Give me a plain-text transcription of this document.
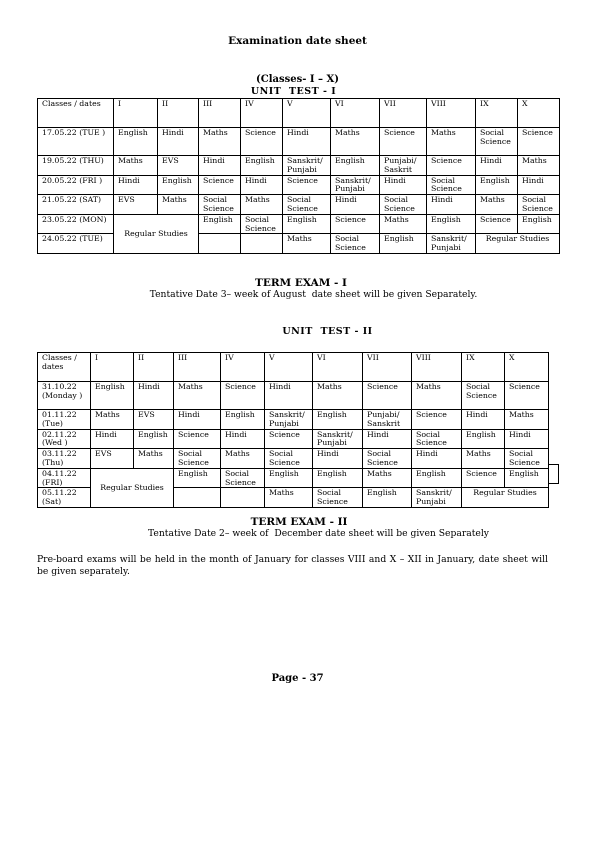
Examination date sheet
(Classes- I – X)
UNIT  TEST - I
Classes / dates	I	II	III	IV	V	VI	VII	VIII	IX	X
17.05.22 (TUE )	English	Hindi	Maths	Science	Hindi	Maths	Science	Maths	Social Science	Science
19.05.22 (THU)	Maths	EVS	Hindi	English	Sanskrit/ Punjabi	English	Punjabi/ Saskrit	Science	Hindi	Maths
20.05.22 (FRI )	Hindi	English	Science	Hindi	Science	Sanskrit/ Punjabi	Hindi	Social Science	English	Hindi
21.05.22 (SAT)	EVS	Maths	Social Science	Maths	Social Science	Hindi	Social Science	Hindi	Maths	Social Science
23.05.22 (MON)	Regular Studies		English	Social Science	English	Science	Maths	English	Science	English
24.05.22 (TUE)					Maths	Social Science	English	Sanskrit/ Punjabi	Regular Studies	
TERM EXAM - I
Tentative Date 3– week of August  date sheet will be given Separately.
UNIT  TEST - II
Classes / dates	I	II	III	IV	V	VI	VII	VIII	IX	X
31.10.22 (Monday )	English	Hindi	Maths	Science	Hindi	Maths	Science	Maths	Social Science	Science
01.11.22 (Tue)	Maths	EVS	Hindi	English	Sanskrit/ Punjabi	English	Punjabi/ Sanskrit	Science	Hindi	Maths
02.11.22 (Wed )	Hindi	English	Science	Hindi	Science	Sanskrit/ Punjabi	Hindi	Social Science	English	Hindi
03.11.22 (Thu)	EVS	Maths	Social Science	Maths	Social Science	Hindi	Social Science	Hindi	Maths	Social Science
04.11.22 (FRI)	Regular Studies		English	Social Science	English	English	Maths	English	Science	English
05.11.22 (Sat)					Maths	Social Science	English	Sanskrit/ Punjabi	Regular Studies	
TERM EXAM - II
Tentative Date 2– week of  December date sheet will be given Separately
Pre-board exams will be held in the month of January for classes VIII and X – XII in January, date sheet will be given separately.
Page - 37
